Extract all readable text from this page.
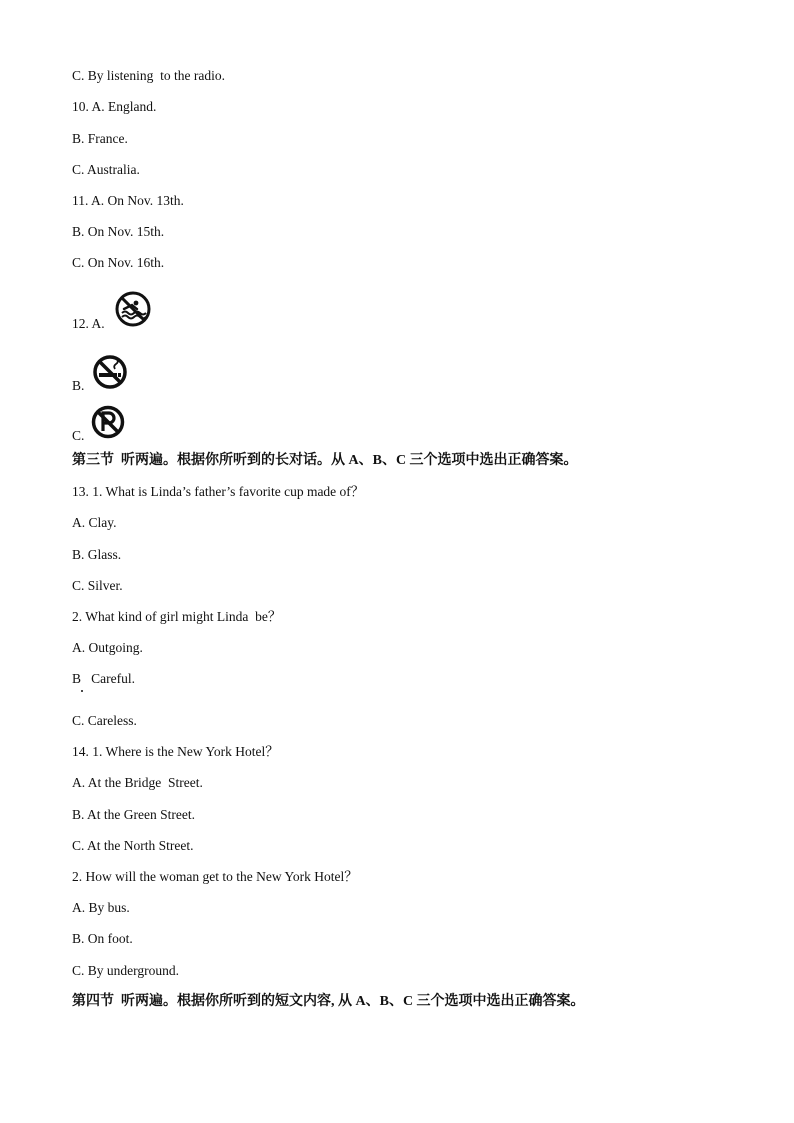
C. By listening  to the radio.
10. A. England.
B. France.
C. Australia.
11. A. On Nov. 13th.
B. On Nov. 15th.
C. On Nov. 16th.
12. A.
B.
C.
第三节  听两遍。根据你所听到的长对话。从 A、B、C 三个选项中选出正确答案。
13. 1. What is Linda’s father’s favorite cup made of？
A. Clay.
B. Glass.
C. Silver.
2. What kind of girl might Linda  be？
A. Outgoing.
B   Careful.
C. Careless.
14. 1. Where is the New York Hotel？
A. At the Bridge  Street.
B. At the Green Street.
C. At the North Street.
2. How will the woman get to the New York Hotel？
A. By bus.
B. On foot.
C. By underground.
第四节  听两遍。根据你所听到的短文内容, 从 A、B、C 三个选项中选出正确答案。
